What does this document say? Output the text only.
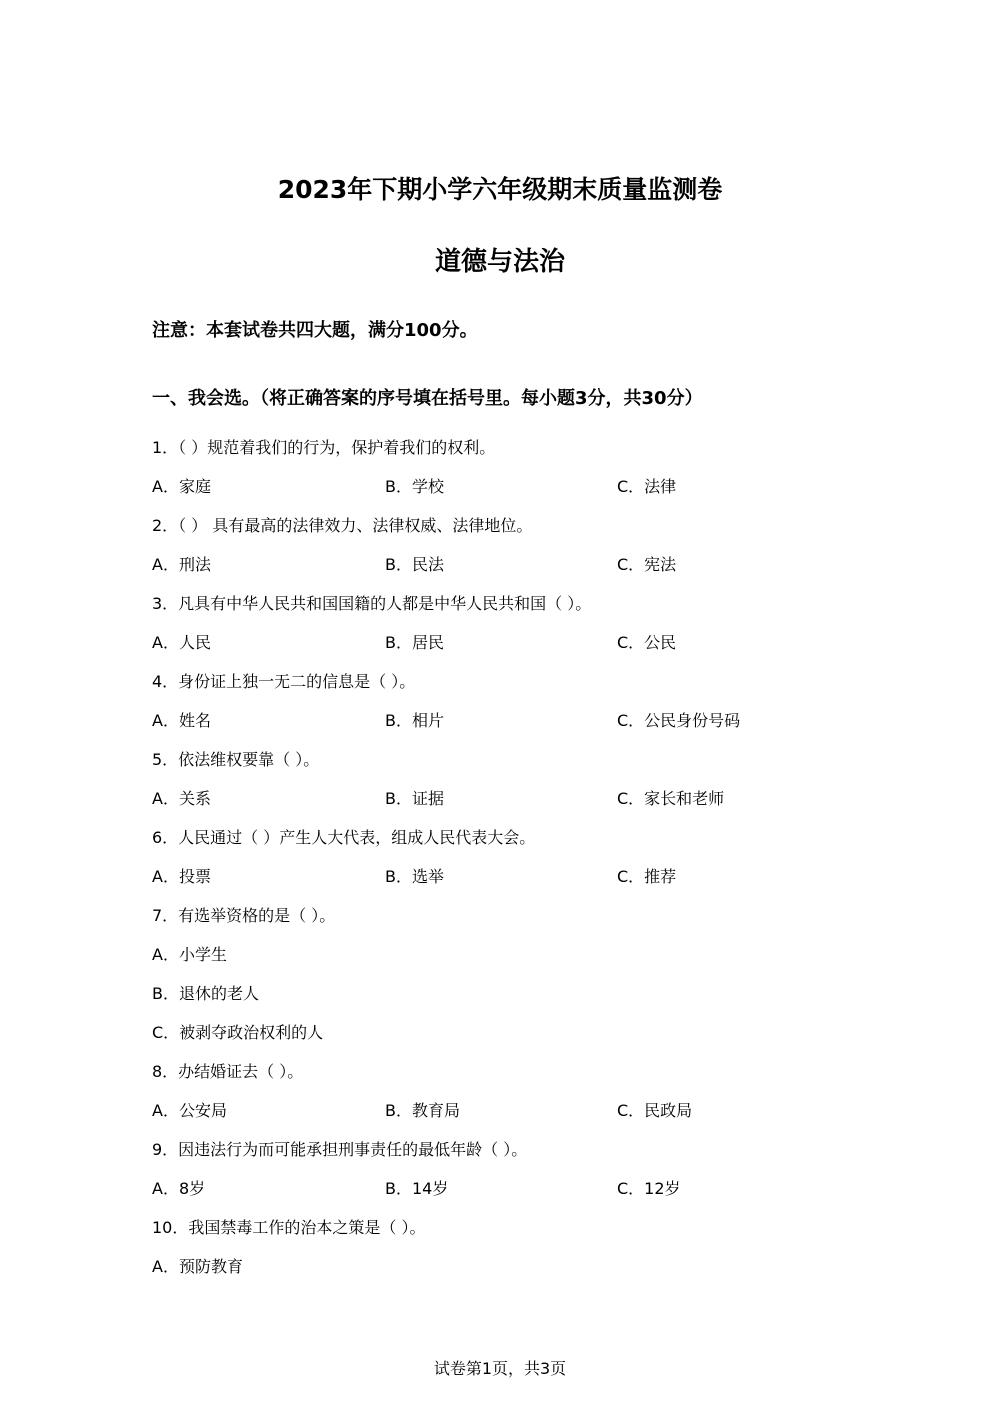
2023年下期小学六年级期末质量监测卷
道德与法治
注意：本套试卷共四大题，满分100分。
一、我会选。（将正确答案的序号填在括号里。每小题3分，共30分）
1．（ ）规范着我们的行为，保护着我们的权利。
A．家庭	B．学校	C．法律
2．（ ） 具有最高的法律效力、法律权威、法律地位。
A．刑法	B．民法	C．宪法
3．凡具有中华人民共和国国籍的人都是中华人民共和国（ ）。
A．人民	B．居民	C．公民
4．身份证上独一无二的信息是（ ）。
A．姓名	B．相片	C．公民身份号码
5．依法维权要靠（ ）。
A．关系	B．证据	C．家长和老师
6．人民通过（ ）产生人大代表，组成人民代表大会。
A．投票	B．选举	C．推荐
7．有选举资格的是（ ）。
A．小学生
B．退休的老人
C．被剥夺政治权利的人
8．办结婚证去（ ）。
A．公安局	B．教育局	C．民政局
9．因违法行为而可能承担刑事责任的最低年龄（ ）。
A．8岁	B．14岁	C．12岁
10．我国禁毒工作的治本之策是（ ）。
A．预防教育
试卷第1页，共3页
